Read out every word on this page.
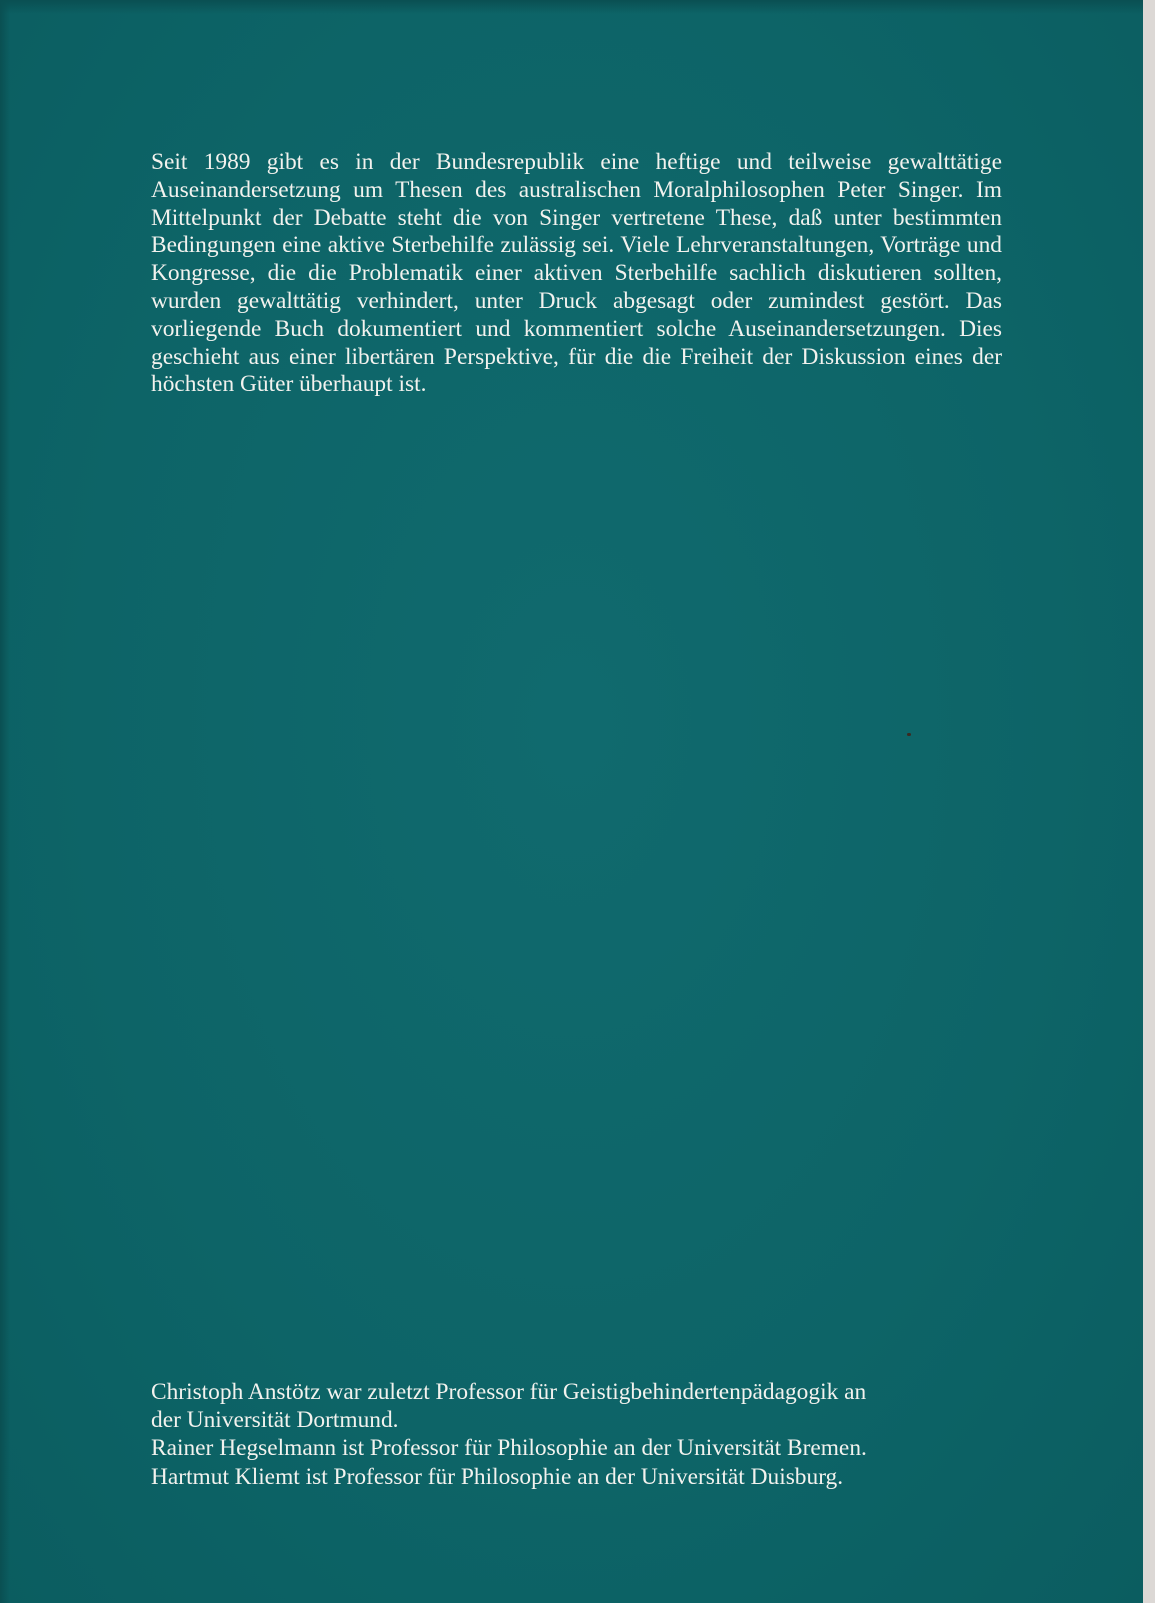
Seit 1989 gibt es in der Bundesrepublik eine heftige und teilweise gewalttätige Auseinandersetzung um Thesen des australischen Moralphilosophen Peter Singer. Im Mittelpunkt der Debatte steht die von Singer vertretene These, daß unter bestimmten Bedingungen eine aktive Sterbehilfe zulässig sei. Viele Lehrveranstaltungen, Vorträge und Kongresse, die die Problematik einer aktiven Sterbehilfe sachlich diskutieren sollten, wurden gewalttätig verhindert, unter Druck abgesagt oder zumindest gestört. Das vorliegende Buch dokumentiert und kommentiert solche Auseinandersetzungen. Dies geschieht aus einer libertären Perspektive, für die die Freiheit der Diskussion eines der höchsten Güter überhaupt ist.

Christoph Anstötz war zuletzt Professor für Geistigbehindertenpädagogik an
der Universität Dortmund.
Rainer Hegselmann ist Professor für Philosophie an der Universität Bremen.
Hartmut Kliemt ist Professor für Philosophie an der Universität Duisburg.
